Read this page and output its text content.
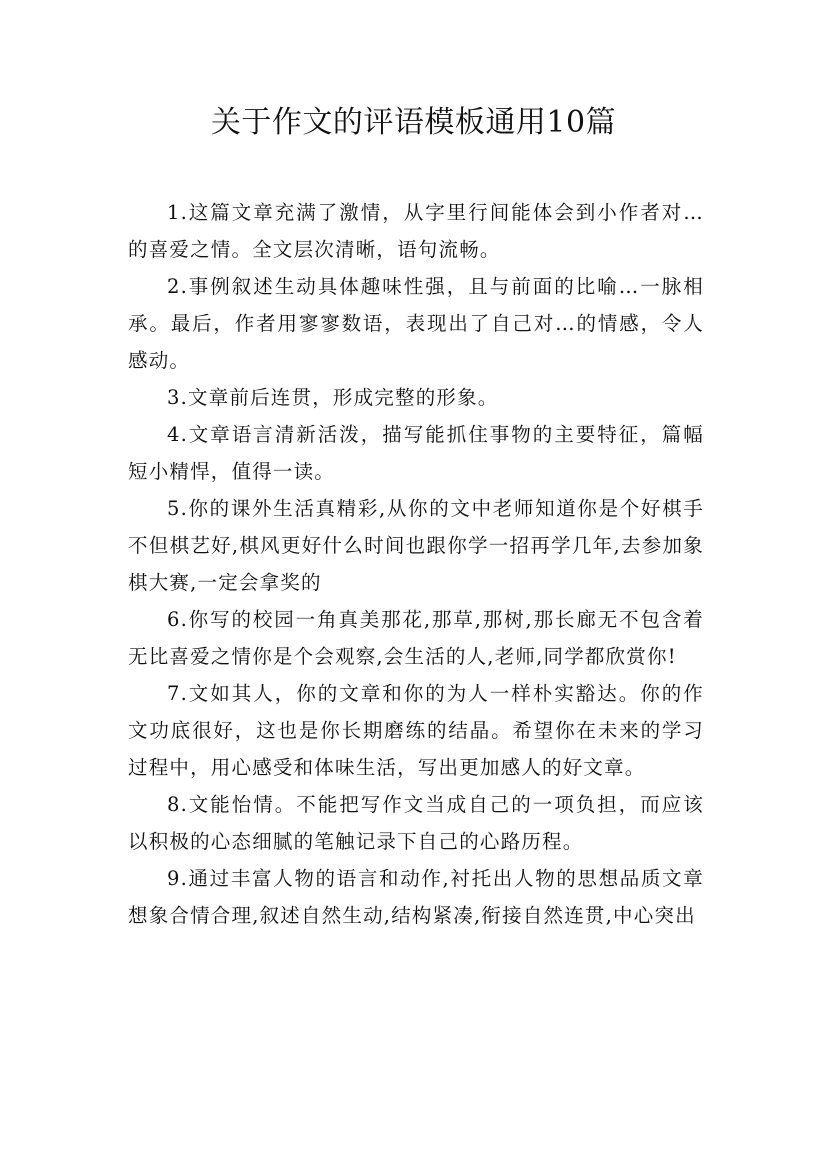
关于作文的评语模板通用10篇

1.这篇文章充满了激情，从字里行间能体会到小作者对…的喜爱之情。全文层次清晰，语句流畅。

2.事例叙述生动具体趣味性强，且与前面的比喻…一脉相承。最后，作者用寥寥数语，表现出了自己对…的情感，令人感动。

3.文章前后连贯，形成完整的形象。

4.文章语言清新活泼，描写能抓住事物的主要特征，篇幅短小精悍，值得一读。

5.你的课外生活真精彩,从你的文中老师知道你是个好棋手不但棋艺好,棋风更好什么时间也跟你学一招再学几年,去参加象棋大赛,一定会拿奖的

6.你写的校园一角真美那花,那草,那树,那长廊无不包含着无比喜爱之情你是个会观察,会生活的人,老师,同学都欣赏你!

7.文如其人，你的文章和你的为人一样朴实豁达。你的作文功底很好，这也是你长期磨练的结晶。希望你在未来的学习过程中，用心感受和体味生活，写出更加感人的好文章。

8.文能怡情。不能把写作文当成自己的一项负担，而应该以积极的心态细腻的笔触记录下自己的心路历程。

9.通过丰富人物的语言和动作,衬托出人物的思想品质文章想象合情合理,叙述自然生动,结构紧凑,衔接自然连贯,中心突出
